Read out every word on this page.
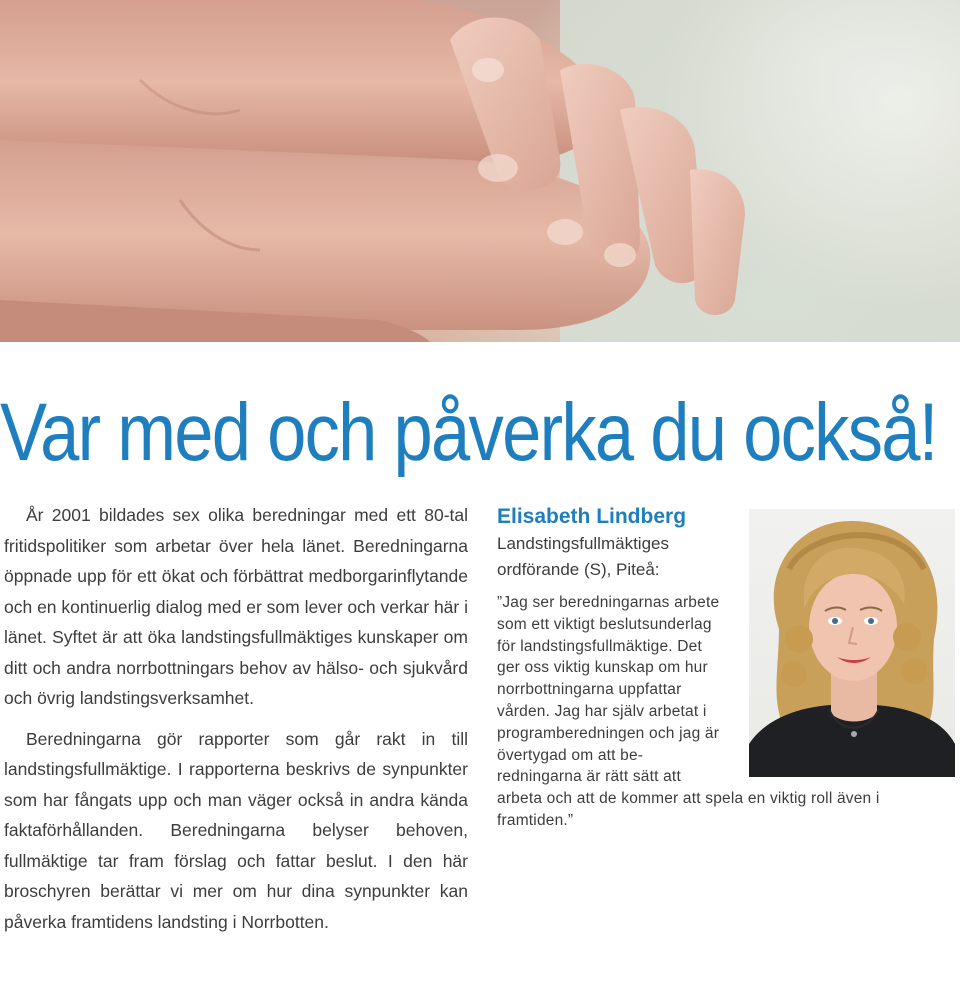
Var med och påverka du också!

År 2001 bildades sex olika beredningar med ett 80-tal fritidspolitiker som arbetar över hela länet. Beredningarna öppnade upp för ett ökat och förbättrat medborgarinflytande och en kontinuerlig dialog med er som lever och verkar här i länet. Syftet är att öka landstingsfullmäktiges kunskaper om ditt och andra norrbottningars behov av hälso- och sjukvård och övrig landstingsverksamhet.

Beredningarna gör rapporter som går rakt in till landstingsfullmäktige. I rapporterna beskrivs de synpunkter som har fångats upp och man väger också in andra kända faktaförhållanden. Beredningarna belyser behoven, fullmäktige tar fram förslag och fattar beslut. I den här broschyren berättar vi mer om hur dina synpunkter kan påverka framtidens landsting i Norrbotten.

Elisabeth Lindberg
Landstingsfullmäktiges ordförande (S), Piteå:
”Jag ser beredningarnas arbete som ett viktigt beslutsunderlag för landstingsfullmäktige. Det ger oss viktig kunskap om hur norrbottningarna uppfattar vården. Jag har själv arbetat i programberedningen och jag är övertygad om att beredningarna är rätt sätt att arbeta och att de kommer att spela en viktig roll även i framtiden.”
